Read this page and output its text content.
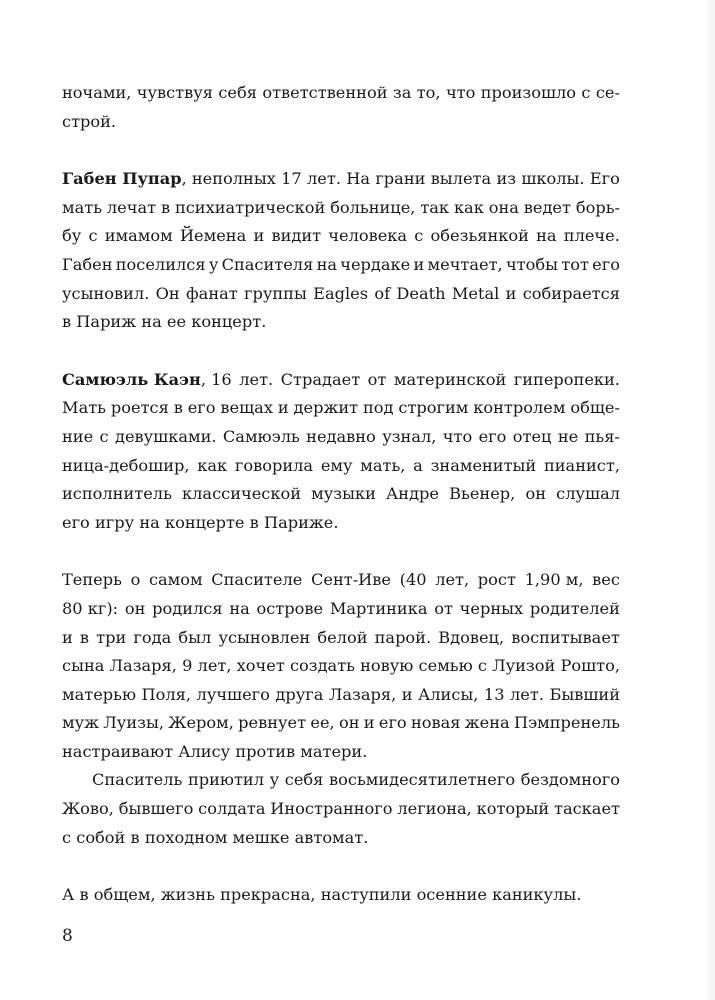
ночами, чувствуя себя ответственной за то, что произошло с се-
строй.
Габен Пупар, неполных 17 лет. На грани вылета из школы. Его
мать лечат в психиатрической больнице, так как она ведет борь-
бу с имамом Йемена и видит человека с обезьянкой на плече.
Габен поселился у Спасителя на чердаке и мечтает, чтобы тот его
усыновил. Он фанат группы Eagles of Death Metal и собирается
в Париж на ее концерт.
Самюэль Каэн, 16 лет. Страдает от материнской гиперопеки.
Мать роется в его вещах и держит под строгим контролем обще-
ние с девушками. Самюэль недавно узнал, что его отец не пья-
ница-дебошир, как говорила ему мать, а знаменитый пианист,
исполнитель классической музыки Андре Вьенер, он слушал
его игру на концерте в Париже.
Теперь о самом Спасителе Сент-Иве (40 лет, рост 1,90 м, вес
80 кг): он родился на острове Мартиника от черных родителей
и в три года был усыновлен белой парой. Вдовец, воспитывает
сына Лазаря, 9 лет, хочет создать новую семью с Луизой Рошто,
матерью Поля, лучшего друга Лазаря, и Алисы, 13 лет. Бывший
муж Луизы, Жером, ревнует ее, он и его новая жена Пэмпренель
настраивают Алису против матери.
Спаситель приютил у себя восьмидесятилетнего бездомного
Жово, бывшего солдата Иностранного легиона, который таскает
с собой в походном мешке автомат.
А в общем, жизнь прекрасна, наступили осенние каникулы.
8
